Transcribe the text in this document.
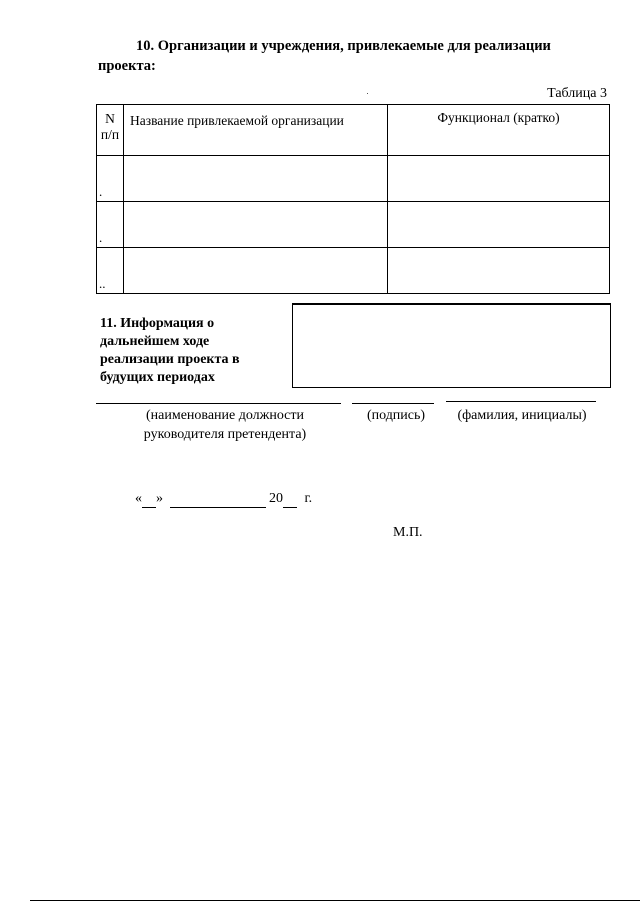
10. Организации и учреждения, привлекаемые для реализации
проекта:
Таблица 3
N
п/п	Название привлекаемой организации	Функционал (кратко)
.		
.		
..		
11. Информация о
дальнейшем ходе
реализации проекта в
будущих периодах
(наименование должности
руководителя претендента)
(подпись)	(фамилия, инициалы)
« »	20 г.
М.П.
